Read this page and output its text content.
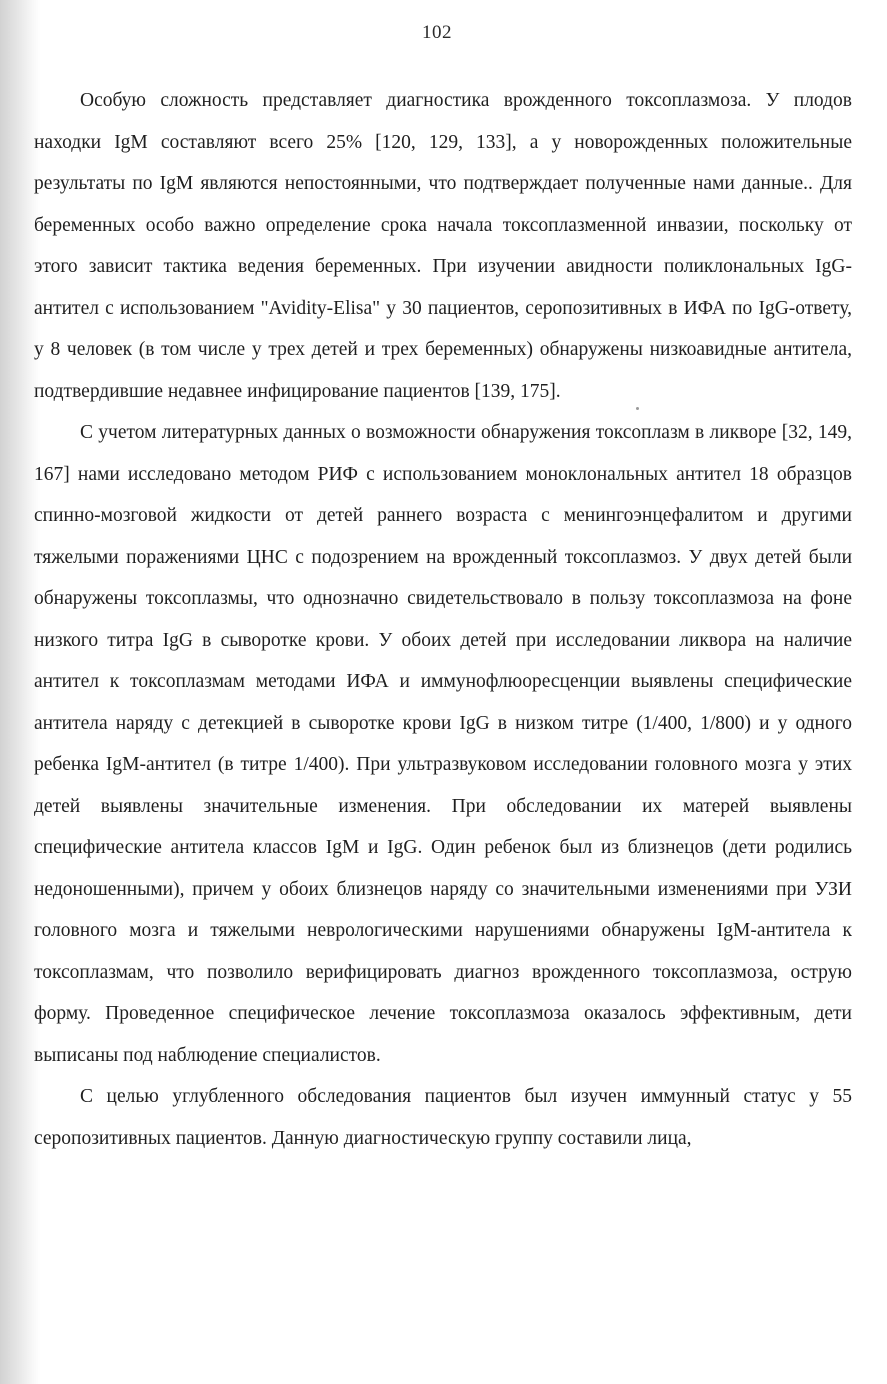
102

Особую сложность представляет диагностика врожденного токсоплазмоза. У плодов находки IgM составляют всего 25% [120, 129, 133], а у новорожденных положительные результаты по IgM являются непостоянными, что подтверждает полученные нами данные.. Для беременных особо важно определение срока начала токсоплазменной инвазии, поскольку от этого зависит тактика ведения беременных. При изучении авидности поликлональных IgG-антител с использованием "Avidity-Elisa" у 30 пациентов, серопозитивных в ИФА по IgG-ответу, у 8 человек (в том числе у трех детей и трех беременных) обнаружены низкоавидные антитела, подтвердившие недавнее инфицирование пациентов [139, 175].

С учетом литературных данных о возможности обнаружения токсоплазм в ликворе [32, 149, 167] нами исследовано методом РИФ с использованием моноклональных антител 18 образцов спинно-мозговой жидкости от детей раннего возраста с менингоэнцефалитом и другими тяжелыми поражениями ЦНС с подозрением на врожденный токсоплазмоз. У двух детей были обнаружены токсоплазмы, что однозначно свидетельствовало в пользу токсоплазмоза на фоне низкого титра IgG в сыворотке крови. У обоих детей при исследовании ликвора на наличие антител к токсоплазмам методами ИФА и иммунофлюоресценции выявлены специфические антитела наряду с детекцией в сыворотке крови IgG в низком титре (1/400, 1/800) и у одного ребенка IgM-антител (в титре 1/400). При ультразвуковом исследовании головного мозга у этих детей выявлены значительные изменения. При обследовании их матерей выявлены специфические антитела классов IgM и IgG. Один ребенок был из близнецов (дети родились недоношенными), причем у обоих близнецов наряду со значительными изменениями при УЗИ головного мозга и тяжелыми неврологическими нарушениями обнаружены IgM-антитела к токсоплазмам, что позволило верифицировать диагноз врожденного токсоплазмоза, острую форму. Проведенное специфическое лечение токсоплазмоза оказалось эффективным, дети выписаны под наблюдение специалистов.

С целью углубленного обследования пациентов был изучен иммунный статус у 55 серопозитивных пациентов. Данную диагностическую группу составили лица,
